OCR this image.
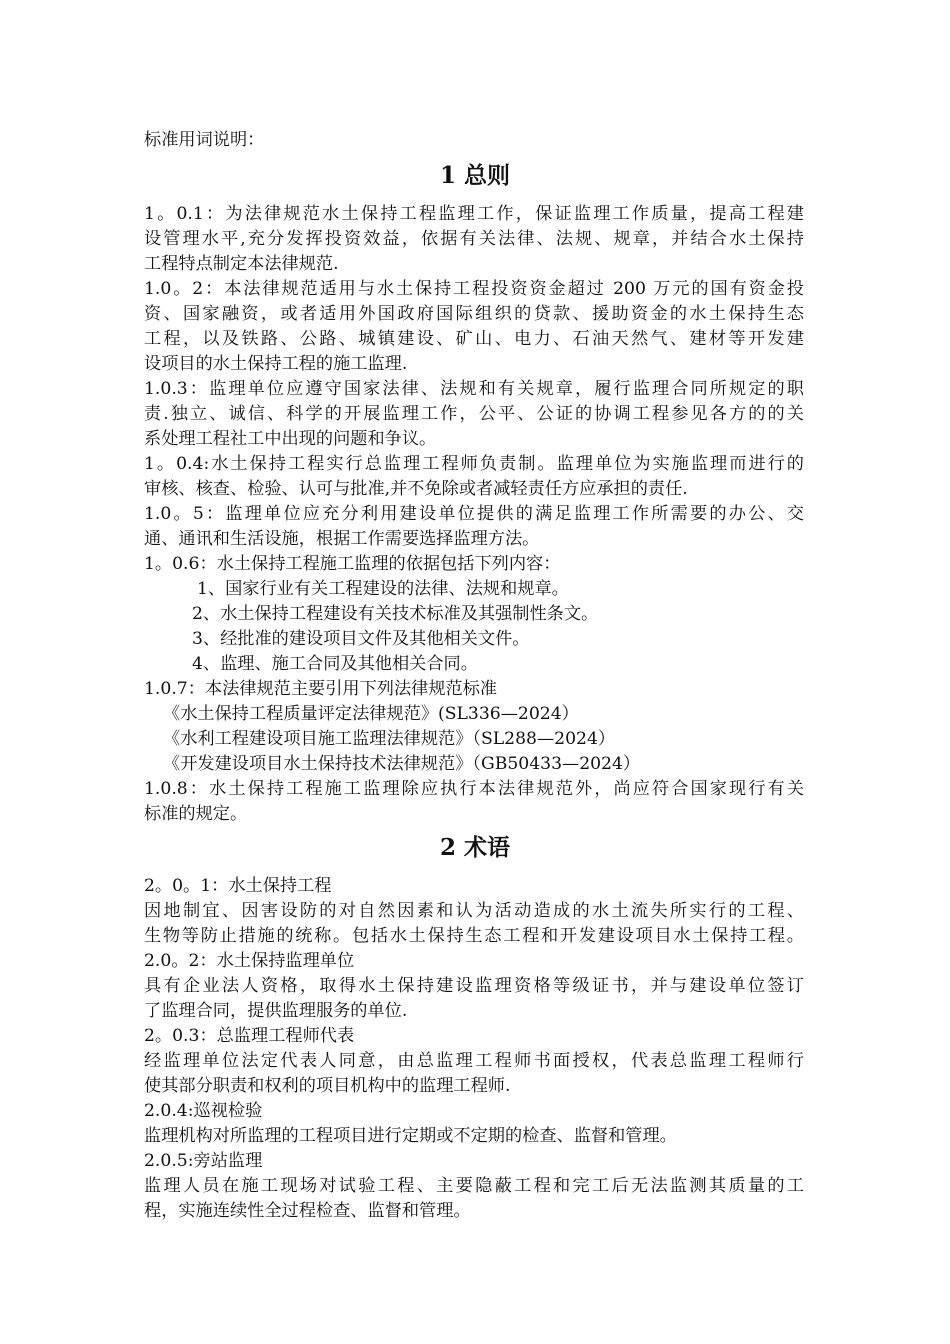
标准用词说明：
1 总则
1。0.1：为法律规范水土保持工程监理工作，保证监理工作质量，提高工程建
设管理水平,充分发挥投资效益，依据有关法律、法规、规章，并结合水土保持
工程特点制定本法律规范.
1.0。2：本法律规范适用与水土保持工程投资资金超过 200 万元的国有资金投
资、国家融资，或者适用外国政府国际组织的贷款、援助资金的水土保持生态
工程，以及铁路、公路、城镇建设、矿山、电力、石油天然气、建材等开发建
设项目的水土保持工程的施工监理.
1.0.3：监理单位应遵守国家法律、法规和有关规章，履行监理合同所规定的职
责.独立、诚信、科学的开展监理工作，公平、公证的协调工程参见各方的的关
系处理工程社工中出现的问题和争议。
1。0.4:水土保持工程实行总监理工程师负责制。监理单位为实施监理而进行的
审核、核查、检验、认可与批准,并不免除或者减轻责任方应承担的责任.
1.0。5：监理单位应充分利用建设单位提供的满足监理工作所需要的办公、交
通、通讯和生活设施，根据工作需要选择监理方法。
1。0.6：水土保持工程施工监理的依据包括下列内容：
1、国家行业有关工程建设的法律、法规和规章。
2、水土保持工程建设有关技术标准及其强制性条文。
3、经批准的建设项目文件及其他相关文件。
4、监理、施工合同及其他相关合同。
1.0.7：本法律规范主要引用下列法律规范标准
《水土保持工程质量评定法律规范》(SL336—2024）
《水利工程建设项目施工监理法律规范》（SL288—2024）
《开发建设项目水土保持技术法律规范》（GB50433—2024）
1.0.8：水土保持工程施工监理除应执行本法律规范外，尚应符合国家现行有关
标准的规定。
2 术语
2。0。1：水土保持工程
因地制宜、因害设防的对自然因素和认为活动造成的水土流失所实行的工程、
生物等防止措施的统称。包括水土保持生态工程和开发建设项目水土保持工程。
2.0。2：水土保持监理单位
具有企业法人资格，取得水土保持建设监理资格等级证书，并与建设单位签订
了监理合同，提供监理服务的单位.
2。0.3：总监理工程师代表
经监理单位法定代表人同意，由总监理工程师书面授权，代表总监理工程师行
使其部分职责和权利的项目机构中的监理工程师.
2.0.4:巡视检验
监理机构对所监理的工程项目进行定期或不定期的检查、监督和管理。
2.0.5:旁站监理
监理人员在施工现场对试验工程、主要隐蔽工程和完工后无法监测其质量的工
程，实施连续性全过程检查、监督和管理。
